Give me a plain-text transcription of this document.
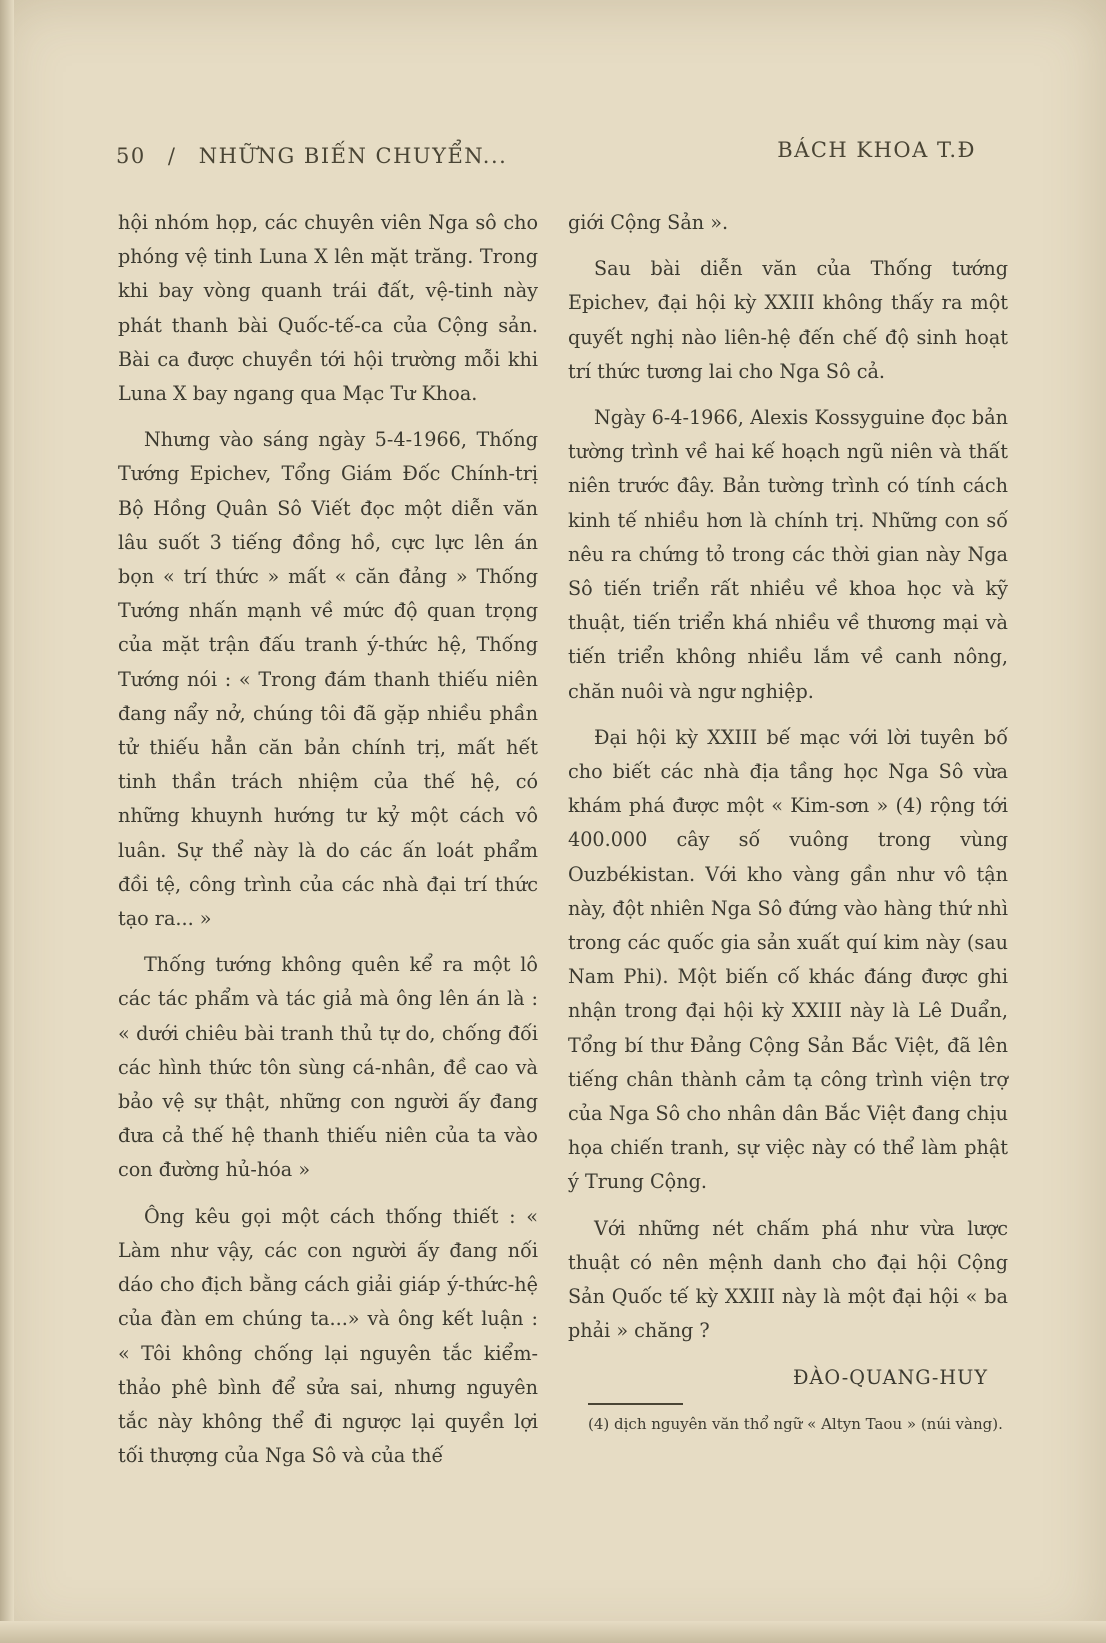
50 / NHỮNG BIẾN CHUYỂN...	BÁCH KHOA T.Đ

hội nhóm họp, các chuyên viên Nga sô cho phóng vệ tinh Luna X lên mặt trăng. Trong khi bay vòng quanh trái đất, vệ-tinh này phát thanh bài Quốc-tế-ca của Cộng sản. Bài ca được chuyền tới hội trường mỗi khi Luna X bay ngang qua Mạc Tư Khoa.

Nhưng vào sáng ngày 5-4-1966, Thống Tướng Epichev, Tổng Giám Đốc Chính-trị Bộ Hồng Quân Sô Viết đọc một diễn văn lâu suốt 3 tiếng đồng hồ, cực lực lên án bọn « trí thức » mất « căn đảng » Thống Tướng nhấn mạnh về mức độ quan trọng của mặt trận đấu tranh ý-thức hệ, Thống Tướng nói : « Trong đám thanh thiếu niên đang nẩy nở, chúng tôi đã gặp nhiều phần tử thiếu hẳn căn bản chính trị, mất hết tinh thần trách nhiệm của thế hệ, có những khuynh hướng tư kỷ một cách vô luân. Sự thể này là do các ấn loát phẩm đồi tệ, công trình của các nhà đại trí thức tạo ra... »

Thống tướng không quên kể ra một lô các tác phẩm và tác giả mà ông lên án là : « dưới chiêu bài tranh thủ tự do, chống đối các hình thức tôn sùng cá-nhân, đề cao và bảo vệ sự thật, những con người ấy đang đưa cả thế hệ thanh thiếu niên của ta vào con đường hủ-hóa »

Ông kêu gọi một cách thống thiết : « Làm như vậy, các con người ấy đang nối dáo cho địch bằng cách giải giáp ý-thức-hệ của đàn em chúng ta...» và ông kết luận : « Tôi không chống lại nguyên tắc kiểm-thảo phê bình để sửa sai, nhưng nguyên tắc này không thể đi ngược lại quyền lợi tối thượng của Nga Sô và của thế

giới Cộng Sản ».

Sau bài diễn văn của Thống tướng Epichev, đại hội kỳ XXIII không thấy ra một quyết nghị nào liên-hệ đến chế độ sinh hoạt trí thức tương lai cho Nga Sô cả.

Ngày 6-4-1966, Alexis Kossyguine đọc bản tường trình về hai kế hoạch ngũ niên và thất niên trước đây. Bản tường trình có tính cách kinh tế nhiều hơn là chính trị. Những con số nêu ra chứng tỏ trong các thời gian này Nga Sô tiến triển rất nhiều về khoa học và kỹ thuật, tiến triển khá nhiều về thương mại và tiến triển không nhiều lắm về canh nông, chăn nuôi và ngư nghiệp.

Đại hội kỳ XXIII bế mạc với lời tuyên bố cho biết các nhà địa tầng học Nga Sô vừa khám phá được một « Kim-sơn » (4) rộng tới 400.000 cây số vuông trong vùng Ouzbékistan. Với kho vàng gần như vô tận này, đột nhiên Nga Sô đứng vào hàng thứ nhì trong các quốc gia sản xuất quí kim này (sau Nam Phi). Một biến cố khác đáng được ghi nhận trong đại hội kỳ XXIII này là Lê Duẩn, Tổng bí thư Đảng Cộng Sản Bắc Việt, đã lên tiếng chân thành cảm tạ công trình viện trợ của Nga Sô cho nhân dân Bắc Việt đang chịu họa chiến tranh, sự việc này có thể làm phật ý Trung Cộng.

Với những nét chấm phá như vừa lược thuật có nên mệnh danh cho đại hội Cộng Sản Quốc tế kỳ XXIII này là một đại hội « ba phải » chăng ?

ĐÀO-QUANG-HUY
(4) dịch nguyên văn thổ ngữ « Altyn Taou » (núi vàng).
